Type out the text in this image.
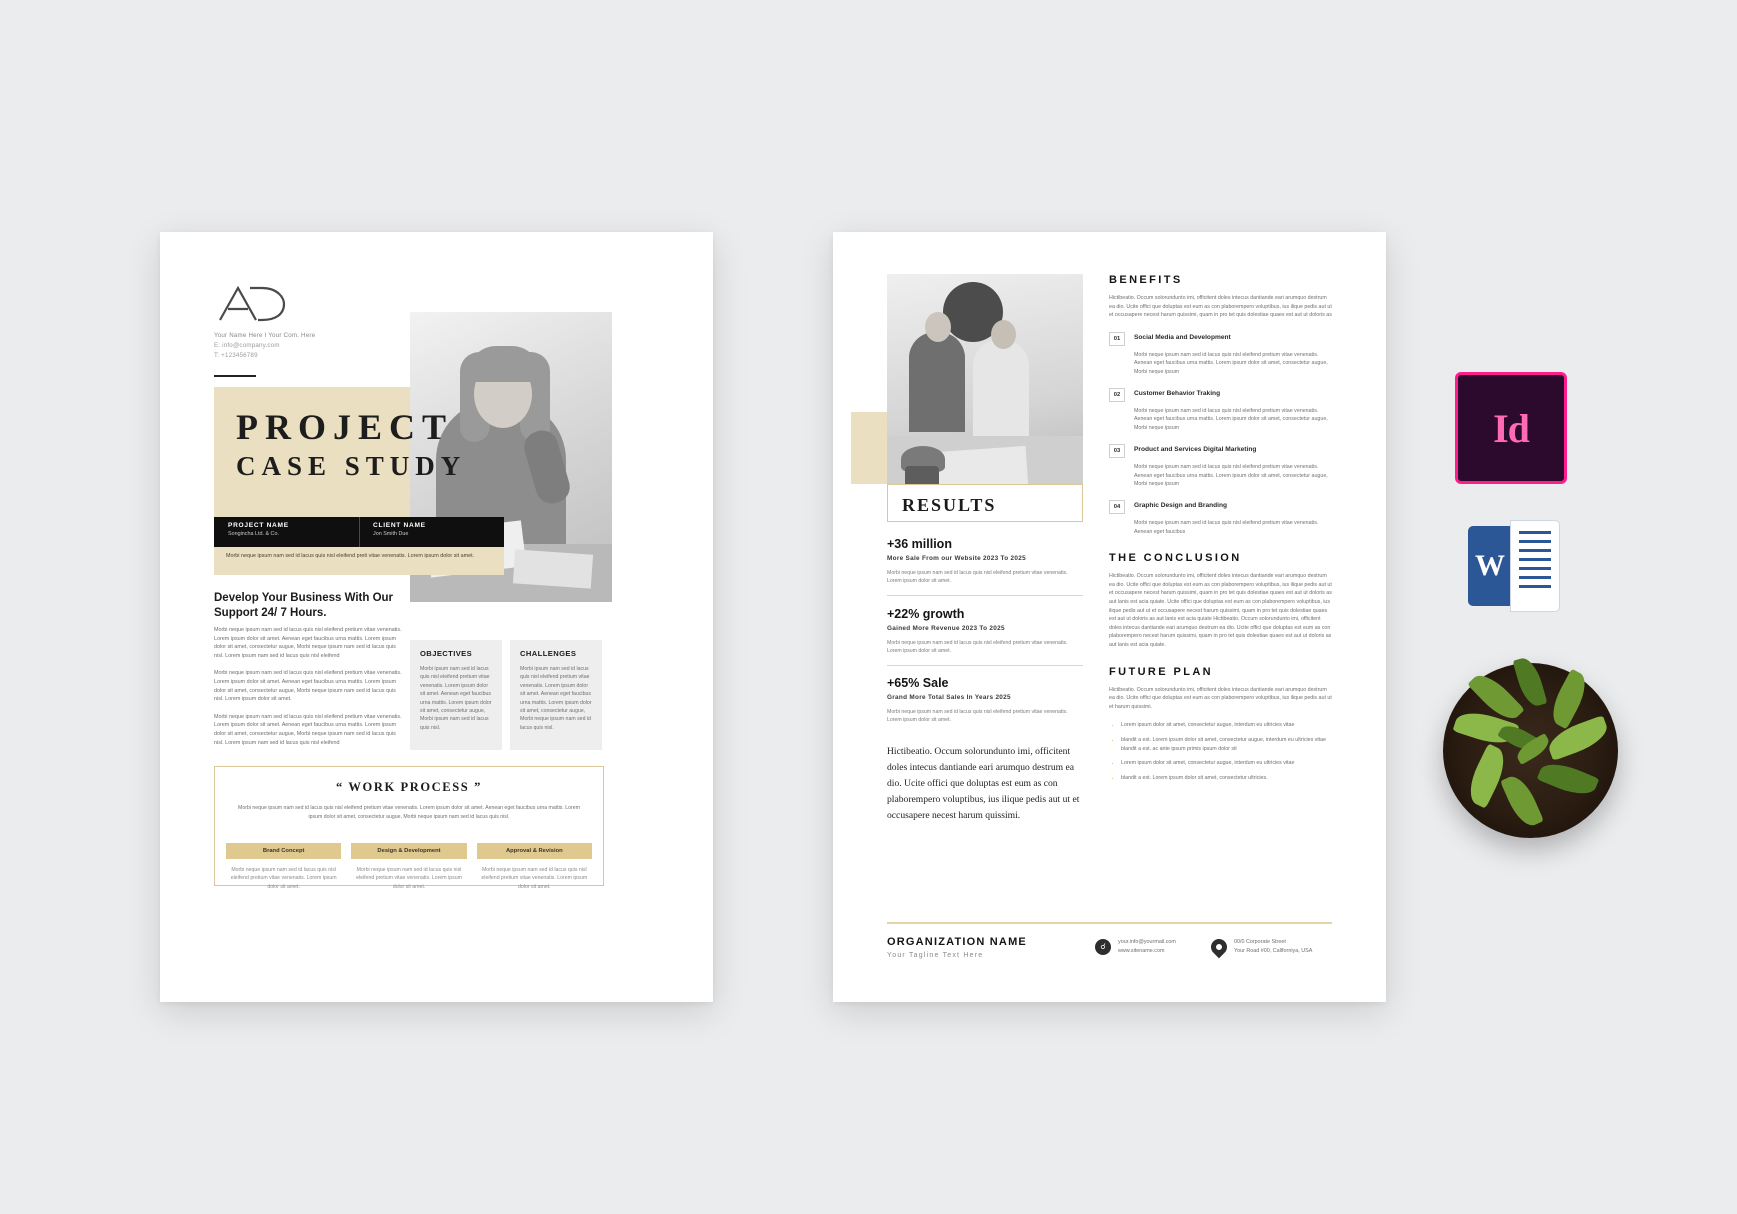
Your Name Here I Your Com. Here
E: info@company.com
T: +123456789
PROJECT
CASE STUDY
PROJECT NAME
Songincha Ltd. & Co.
CLIENT NAME
Jon Smith Due
Morbi neque ipsum nam sed id lacus quis nisl eleifend preti vitae venenatis. Lorem ipsum dolor sit amet.
Develop Your Business With Our Support 24/ 7 Hours.

Morbi neque ipsum nam sed id lacus quis nisl eleifend pretium vitae venenatis. Lorem ipsum dolor sit amet. Aenean eget faucibus urna mattis. Lorem ipsum dolor sit amet, consectetur augue, Morbi neque ipsum nam sed id lacus quis nisl. Lorem ipsum nam sed id lacus quis nisl eleifend

Morbi neque ipsum nam sed id lacus quis nisl eleifend pretium vitae venenatis. Lorem ipsum dolor sit amet. Aenean eget faucibus urna mattis. Lorem ipsum dolor sit amet, consectetur augue, Morbi neque ipsum nam sed id lacus quis nisl. Lorem ipsum dolor sit amet.

Morbi neque ipsum nam sed id lacus quis nisl eleifend pretium vitae venenatis. Lorem ipsum dolor sit amet. Aenean eget faucibus urna mattis. Lorem ipsum dolor sit amet, consectetur augue, Morbi neque ipsum nam sed id lacus quis nisl. Lorem ipsum nam sed id lacus quis nisl eleifend

OBJECTIVES
Morbi ipsum nam sed id lacus quis nisl eleifend pretium vitae venenatis. Lorem ipsum dolor sit amet. Aenean eget faucibus urna mattis. Lorem ipsum dolor sit amet, consectetur augue, Morbi ipsum nam sed id lacus quis nisl.
CHALLENGES
Morbi ipsum nam sed id lacus quis nisl eleifend pretium vitae venenatis. Lorem ipsum dolor sit amet. Aenean eget faucibus urna mattis. Lorem ipsum dolor sit amet, consectetur augue, Morbi neque ipsum nam sed id lacus quis nisl.
“ WORK PROCESS ”
Morbi neque ipsum nam sed id lacus quis nisl eleifend pretium vitae venenatis. Lorem ipsum dolor sit amet. Aenean eget faucibus urna mattis. Lorem ipsum dolor sit amet, consectetur augue, Morbi neque ipsum nam sed id lacus quis nisl.
Brand Concept	Design & Development	Approval & Revision
Morbi neque ipsum nam sed id lacus quis nisl eleifend pretium vitae venenatis. Lorem ipsum dolor sit amet.
Morbi neque ipsum nam sed id lacus quis nisl eleifend pretium vitae venenatis. Lorem ipsum dolor sit amet.
Morbi neque ipsum nam sed id lacus quis nisl eleifend pretium vitae venenatis. Lorem ipsum dolor sit amet.
RESULTS
+36 million
More Sale From our Website 2023 To 2025
Morbi neque ipsum nam sed id lacus quis nisl eleifend pretium vitae venenatis. Lorem ipsum dolor sit amet.
+22% growth
Gained More Revenue 2023 To 2025
Morbi neque ipsum nam sed id lacus quis nisl eleifend pretium vitae venenatis. Lorem ipsum dolor sit amet.
+65% Sale
Grand More Total Sales In Years 2025
Morbi neque ipsum nam sed id lacus quis nisl eleifend pretium vitae venenatis. Lorem ipsum dolor sit amet.
Hictibeatio. Occum solorundunto imi, officitent doles intecus dantiande eari arumquo destrum ea dio. Ucite offici que doluptas est eum as con plaborempero voluptibus, ius ilique pedis aut ut et occusapere necest harum quissimi.
BENEFITS
Hictibeatio. Occum solorundunto imi, officitent doles intecus dantiande eari arumquo destrum ea dio. Ucite offici que doluptas est eum as con plaborempero voluptibus, ius ilique pedis aut ut et occusapere necest harum quissimi, quam in pro tet quis dolestiae quaes est aut ut doloris as
01	Social Media and Development
Morbi neque ipsum nam sed id lacus quis nisl eleifend pretium vitae venenatis. Aenean eget faucibus urna mattis. Lorem ipsum dolor sit amet, consectetur augue, Morbi neque ipsum
02	Customer Behavior Traking
Morbi neque ipsum nam sed id lacus quis nisl eleifend pretium vitae venenatis. Aenean eget faucibus urna mattis. Lorem ipsum dolor sit amet, consectetur augue, Morbi neque ipsum
03	Product and Services Digital Marketing
Morbi neque ipsum nam sed id lacus quis nisl eleifend pretium vitae venenatis. Aenean eget faucibus urna mattis. Lorem ipsum dolor sit amet, consectetur augue, Morbi neque ipsum
04	Graphic Design and Branding
Morbi neque ipsum nam sed id lacus quis nisl eleifend pretium vitae venenatis. Aenean eget faucibus
THE CONCLUSION
Hictibeatio. Occum solorundunto imi, officitent doles intecus dantiande eari arumquo destrum ea dio. Ucite offici que doluptas est eum as con plaborempero voluptibus, ius ilique pedis aut ut et occusapere necest harum quissimi, quam in pro tet quis dolestiae quaes est aut ut doloris as aut lanis est acia quiate. Ucite offici que doluptas est eum as con plaborempero voluptibus, ius ilique pedis aut ut et occusapere necest harum quissimi, quam in pro tet quis dolestiae quaes est aut ut doloris as aut lanis est acia quiate Hictibeatio. Occum solorundunto imi, officitent doles intecus dantiande eari arumquo destrum ea dio. Ucite offici que doluptas est eum as con plaborempero necest harum quissimi, quam in pro tet quis dolestiae quaes est aut ut doloris as aut lanis est acia quiate.
FUTURE PLAN
Hictibeatio. Occum solorundunto imi, officitent doles intecus dantiande eari arumquo destrum ea dio. Ucite offici que doluptas est eum as con plaborempero voluptibus, ius ilique pedis aut ut et harum quissimi.
• Lorem ipsum dolor sit amet, consectetur augue, interdum eu ultricies vitae
• blandit a est. Lorem ipsum dolor sit amet, consectetur augue, interdum eu ultricies vitae blandit a est. ac ante ipsum primis ipsum dolor sit
• Lorem ipsum dolor sit amet, consectetur augue, interdum eu ultricies vitae
• blandit a est. Lorem ipsum dolor sit amet, consectetur ultricies.
ORGANIZATION NAME
Your Tagline Text Here
☌
your.info@yourmail.com
www.sitename.com
00/0 Corporate Street
Your Road #00, Callforniya, USA
Id
W
